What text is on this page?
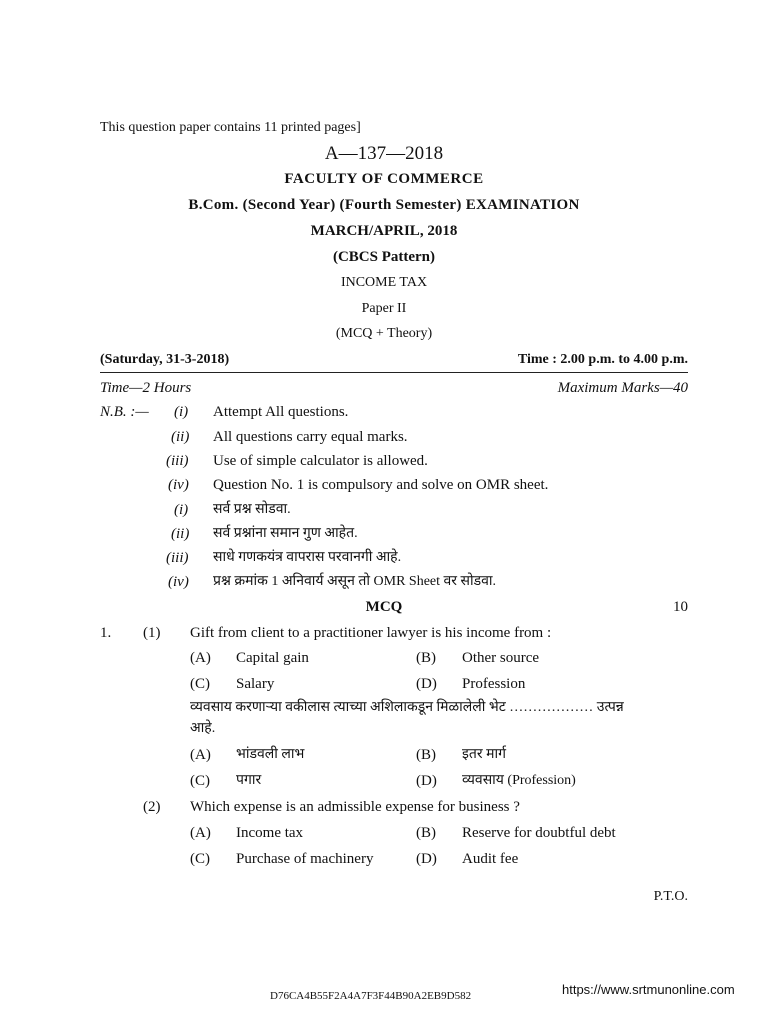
This question paper contains 11 printed pages]
A—137—2018
FACULTY OF COMMERCE
B.Com. (Second Year) (Fourth Semester) EXAMINATION
MARCH/APRIL, 2018
(CBCS Pattern)
INCOME TAX
Paper II
(MCQ + Theory)
(Saturday, 31-3-2018)	Time : 2.00 p.m. to 4.00 p.m.
Time—2 Hours	Maximum Marks—40
N.B. :— (i) Attempt All questions.
(ii) All questions carry equal marks.
(iii) Use of simple calculator is allowed.
(iv) Question No. 1 is compulsory and solve on OMR sheet.
(i) सर्व प्रश्न सोडवा.
(ii) सर्व प्रश्नांना समान गुण आहेत.
(iii) साधे गणकयंत्र वापरास परवानगी आहे.
(iv) प्रश्न क्रमांक 1 अनिवार्य असून तो OMR Sheet वर सोडवा.
MCQ	10
1. (1) Gift from client to a practitioner lawyer is his income from :
(A) Capital gain	(B) Other source
(C) Salary	(D) Profession
व्यवसाय करणाऱ्या वकीलास त्याच्या अशिलाकडून मिळालेली भेट ……………… उत्पन्न
आहे.
(A) भांडवली लाभ	(B) इतर मार्ग
(C) पगार	(D) व्यवसाय (Profession)
(2) Which expense is an admissible expense for business ?
(A) Income tax	(B) Reserve for doubtful debt
(C) Purchase of machinery	(D) Audit fee
P.T.O.
D76CA4B55F2A4A7F3F44B90A2EB9D582	https://www.srtmunonline.com
